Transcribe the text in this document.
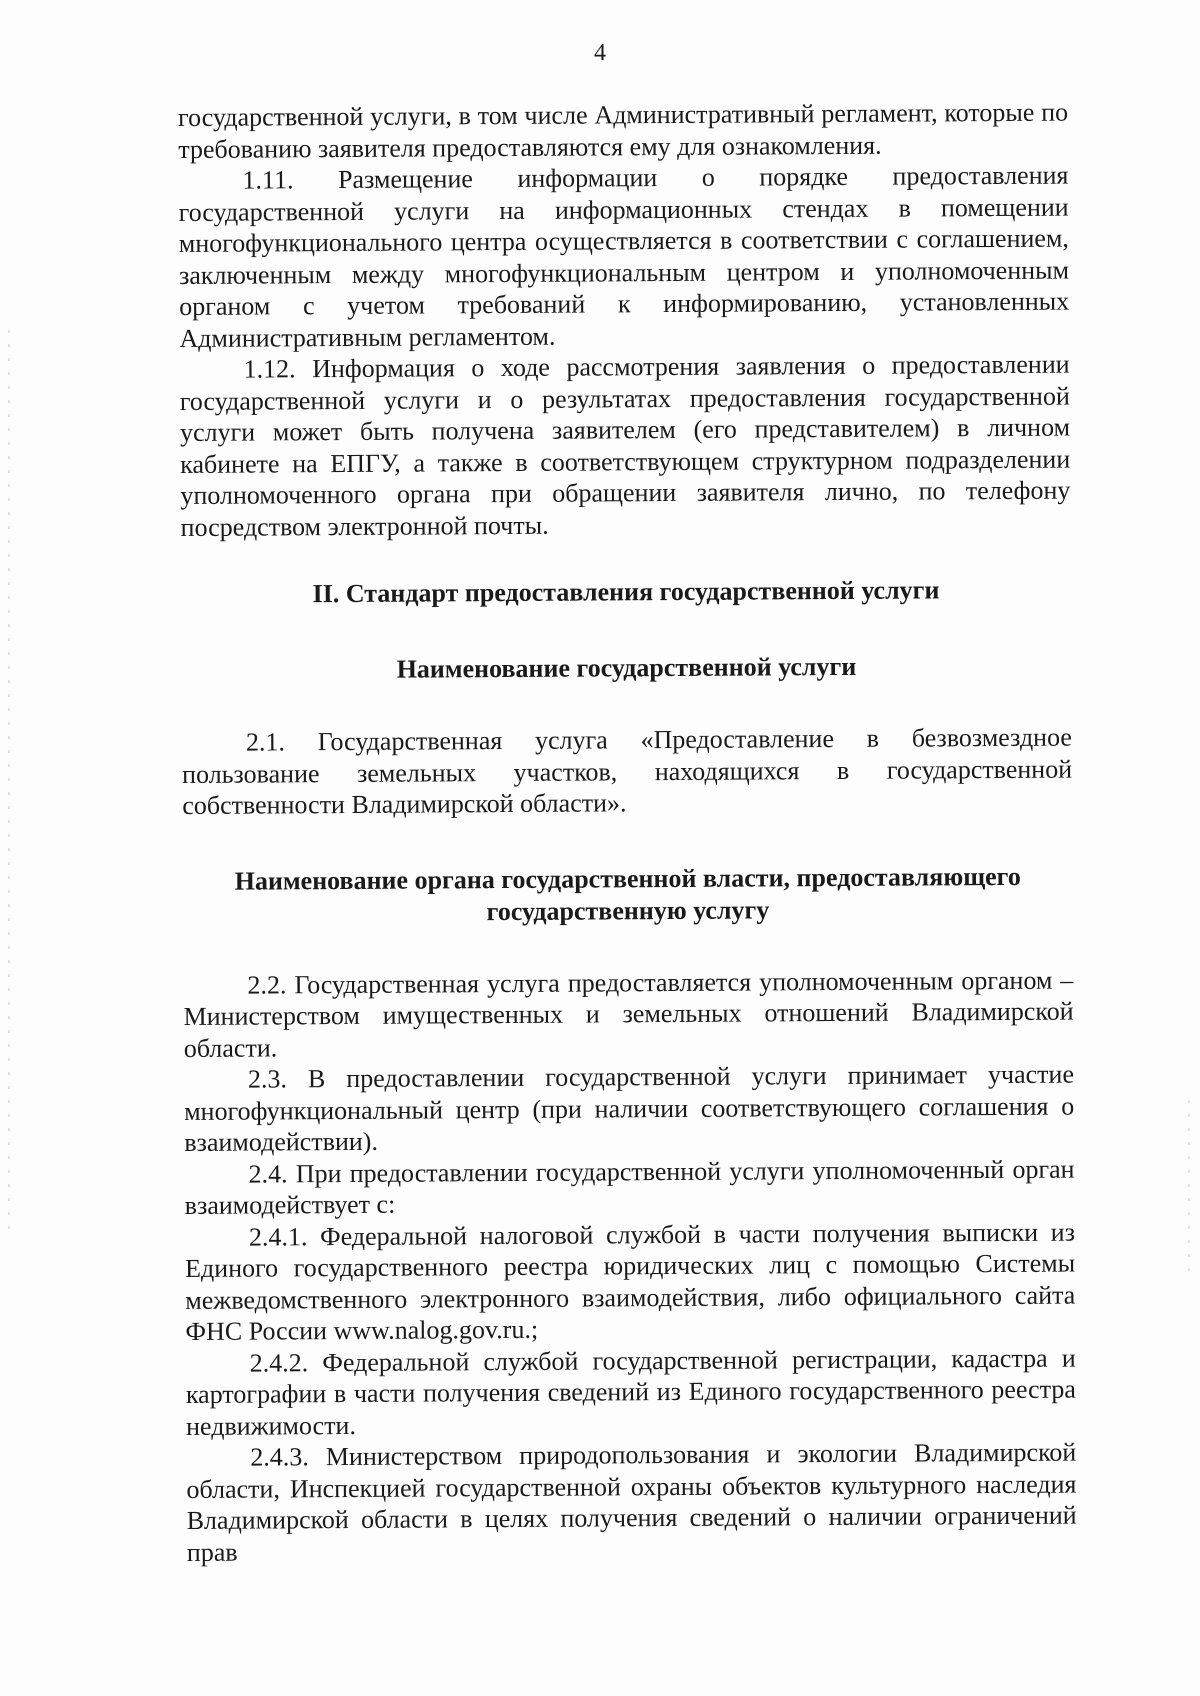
4

государственной услуги, в том числе Административный регламент, которые по требованию заявителя предоставляются ему для ознакомления.

1.11. Размещение информации о порядке предоставления государственной услуги на информационных стендах в помещении многофункционального центра осуществляется в соответствии с соглашением, заключенным между многофункциональным центром и уполномоченным органом с учетом требований к информированию, установленных Административным регламентом.

1.12. Информация о ходе рассмотрения заявления о предоставлении государственной услуги и о результатах предоставления государственной услуги может быть получена заявителем (его представителем) в личном кабинете на ЕПГУ, а также в соответствующем структурном подразделении уполномоченного органа при обращении заявителя лично, по телефону посредством электронной почты.

II. Стандарт предоставления государственной услуги
Наименование государственной услуги

2.1. Государственная услуга «Предоставление в безвозмездное пользование земельных участков, находящихся в государственной собственности Владимирской области».

Наименование органа государственной власти, предоставляющего государственную услугу

2.2. Государственная услуга предоставляется уполномоченным органом – Министерством имущественных и земельных отношений Владимирской области.

2.3. В предоставлении государственной услуги принимает участие многофункциональный центр (при наличии соответствующего соглашения о взаимодействии).

2.4. При предоставлении государственной услуги уполномоченный орган взаимодействует с:

2.4.1. Федеральной налоговой службой в части получения выписки из Единого государственного реестра юридических лиц с помощью Системы межведомственного электронного взаимодействия, либо официального сайта ФНС России www.nalog.gov.ru.;

2.4.2. Федеральной службой государственной регистрации, кадастра и картографии в части получения сведений из Единого государственного реестра недвижимости.

2.4.3. Министерством природопользования и экологии Владимирской области, Инспекцией государственной охраны объектов культурного наследия Владимирской области в целях получения сведений о наличии ограничений прав
